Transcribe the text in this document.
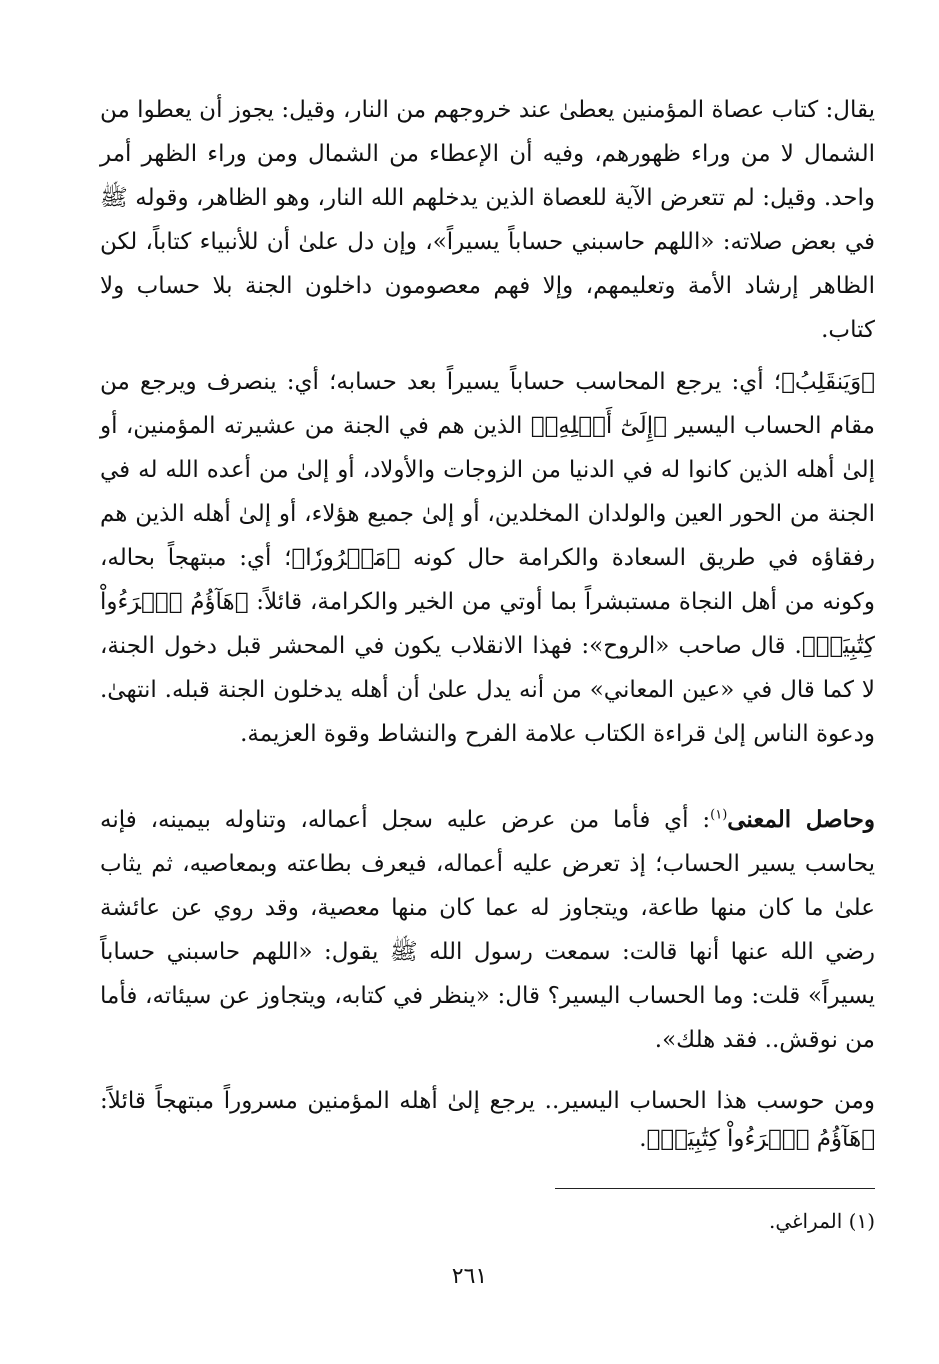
يقال: كتاب عصاة المؤمنين يعطىٰ عند خروجهم من النار، وقيل: يجوز أن يعطوا من الشمال لا من وراء ظهورهم، وفيه أن الإعطاء من الشمال ومن وراء الظهر أمر واحد. وقيل: لم تتعرض الآية للعصاة الذين يدخلهم الله النار، وهو الظاهر، وقوله ﷺ في بعض صلاته: «اللهم حاسبني حساباً يسيراً»، وإن دل علىٰ أن للأنبياء كتاباً، لكن الظاهر إرشاد الأمة وتعليمهم، وإلا فهم معصومون داخلون الجنة بلا حساب ولا كتاب.

﴿وَيَنقَلِبُ﴾؛ أي: يرجع المحاسب حساباً يسيراً بعد حسابه؛ أي: ينصرف ويرجع من مقام الحساب اليسير ﴿إِلَىٰٓ أَهۡلِهِۦ﴾ الذين هم في الجنة من عشيرته المؤمنين، أو إلىٰ أهله الذين كانوا له في الدنيا من الزوجات والأولاد، أو إلىٰ من أعده الله له في الجنة من الحور العين والولدان المخلدين، أو إلىٰ جميع هؤلاء، أو إلىٰ أهله الذين هم رفقاؤه في طريق السعادة والكرامة حال كونه ﴿مَسۡرُورٗا﴾؛ أي: مبتهجاً بحاله، وكونه من أهل النجاة مستبشراً بما أوتي من الخير والكرامة، قائلاً: ﴿هَآؤُمُ ٱقۡرَءُواْ كِتَٰبِيَهۡ﴾. قال صاحب «الروح»: فهذا الانقلاب يكون في المحشر قبل دخول الجنة، لا كما قال في «عين المعاني» من أنه يدل علىٰ أن أهله يدخلون الجنة قبله. انتهىٰ. ودعوة الناس إلىٰ قراءة الكتاب علامة الفرح والنشاط وقوة العزيمة.

وحاصل المعنى$^{(١)}$: أي فأما من عرض عليه سجل أعماله، وتناوله بيمينه، فإنه يحاسب يسير الحساب؛ إذ تعرض عليه أعماله، فيعرف بطاعته وبمعاصيه، ثم يثاب علىٰ ما كان منها طاعة، ويتجاوز له عما كان منها معصية، وقد روي عن عائشة رضي الله عنها أنها قالت: سمعت رسول الله ﷺ يقول: «اللهم حاسبني حساباً يسيراً» قلت: وما الحساب اليسير؟ قال: «ينظر في كتابه، ويتجاوز عن سيئاته، فأما من نوقش.. فقد هلك».

ومن حوسب هذا الحساب اليسير.. يرجع إلىٰ أهله المؤمنين مسروراً مبتهجاً قائلاً: ﴿هَآؤُمُ ٱقۡرَءُواْ كِتَٰبِيَهۡ﴾.

(١) المراغي.

٢٦١
